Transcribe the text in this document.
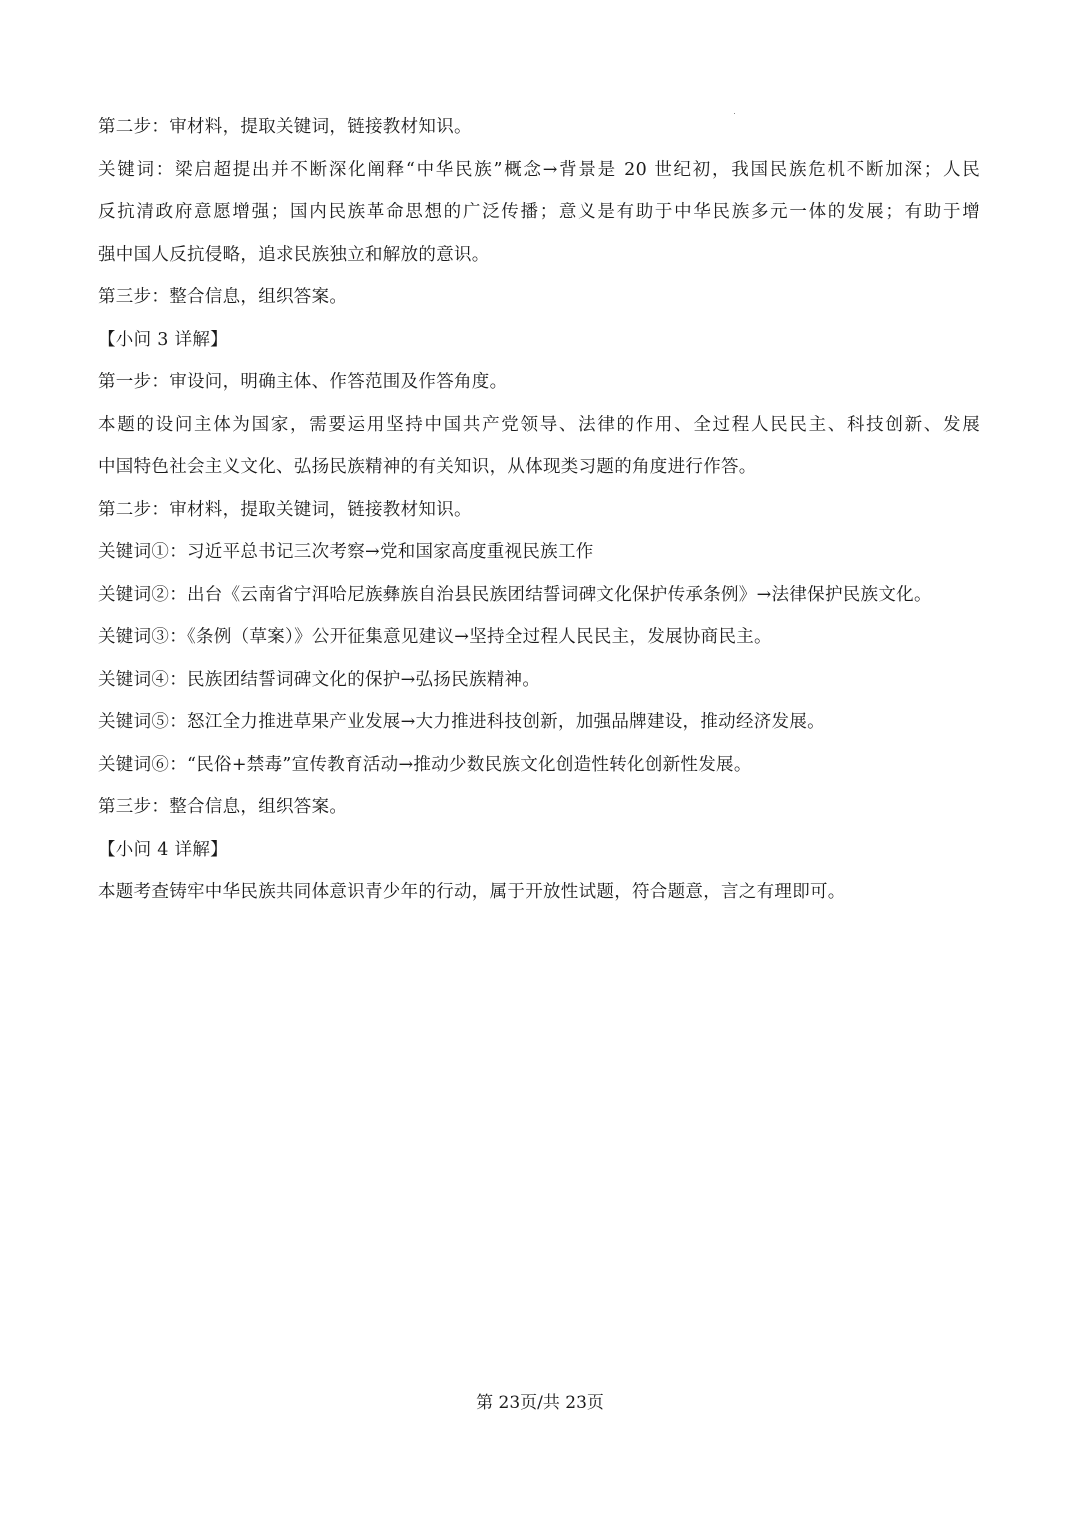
第二步：审材料，提取关键词，链接教材知识。
关键词：梁启超提出并不断深化阐释“中华民族”概念→背景是 20 世纪初，我国民族危机不断加深；人民
反抗清政府意愿增强；国内民族革命思想的广泛传播；意义是有助于中华民族多元一体的发展；有助于增
强中国人反抗侵略，追求民族独立和解放的意识。
第三步：整合信息，组织答案。
【小问 3 详解】
第一步：审设问，明确主体、作答范围及作答角度。
本题的设问主体为国家，需要运用坚持中国共产党领导、法律的作用、全过程人民民主、科技创新、发展
中国特色社会主义文化、弘扬民族精神的有关知识，从体现类习题的角度进行作答。
第二步：审材料，提取关键词，链接教材知识。
关键词①：习近平总书记三次考察→党和国家高度重视民族工作
关键词②：出台《云南省宁洱哈尼族彝族自治县民族团结誓词碑文化保护传承条例》→法律保护民族文化。
关键词③：《条例（草案）》公开征集意见建议→坚持全过程人民民主，发展协商民主。
关键词④：民族团结誓词碑文化的保护→弘扬民族精神。
关键词⑤：怒江全力推进草果产业发展→大力推进科技创新，加强品牌建设，推动经济发展。
关键词⑥：“民俗+禁毒”宣传教育活动→推动少数民族文化创造性转化创新性发展。
第三步：整合信息，组织答案。
【小问 4 详解】
本题考查铸牢中华民族共同体意识青少年的行动，属于开放性试题，符合题意，言之有理即可。
第 23页/共 23页
